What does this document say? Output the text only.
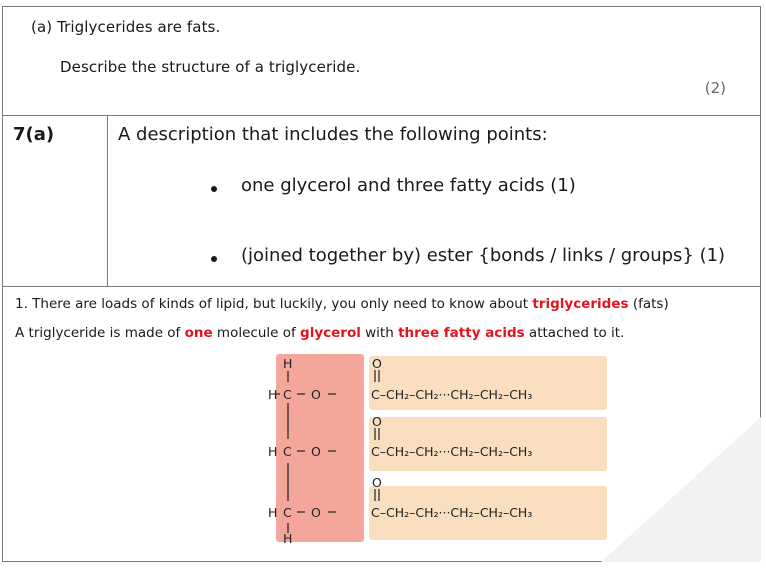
(a) Triglycerides are fats.
Describe the structure of a triglyceride.
(2)
7(a)	A description that includes the following points:
one glycerol and three fatty acids (1)
(joined together by) ester {bonds / links / groups} (1)
1. There are loads of kinds of lipid, but luckily, you only need to know about triglycerides (fats)
A triglyceride is made of one molecule of glycerol with three fatty acids attached to it.
H
H C O
H C O
H C O
H
O
O
O
C–CH₂–CH₂···CH₂–CH₂–CH₃
C–CH₂–CH₂···CH₂–CH₂–CH₃
C–CH₂–CH₂···CH₂–CH₂–CH₃
